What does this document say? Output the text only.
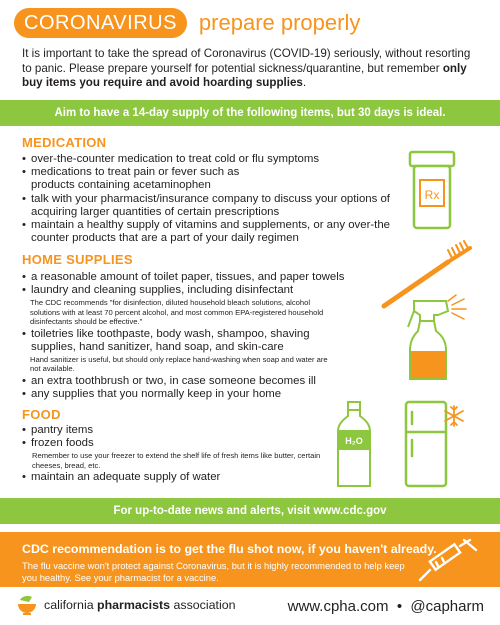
CORONAVIRUS	prepare properly
It is important to take the spread of Coronavirus (COVID-19) seriously, without resorting to panic. Please prepare yourself for potential sickness/quarantine, but remember only buy items you require and avoid hoarding supplies.
Aim to have a 14-day supply of the following items, but 30 days is ideal.
MEDICATION
• over-the-counter medication to treat cold or flu symptoms
• medications to treat pain or fever such as products containing acetaminophen
• talk with your pharmacist/insurance company to discuss your options of acquiring larger quantities of certain prescriptions
• maintain a healthy supply of vitamins and supplements, or any over-the counter products that are a part of your daily regimen
Rx
HOME SUPPLIES
• a reasonable amount of toilet paper, tissues, and paper towels
• laundry and cleaning supplies, including disinfectant
The CDC recommends "for disinfection, diluted household bleach solutions, alcohol solutions with at least 70 percent alcohol, and most common EPA-registered household disinfectants should be effective."
• toiletries like toothpaste, body wash, shampoo, shaving supplies, hand sanitizer, hand soap, and skin-care
Hand sanitizer is useful, but should only replace hand-washing when soap and water are not available.
• an extra toothbrush or two, in case someone becomes ill
• any supplies that you normally keep in your home
FOOD
• pantry items
• frozen foods
Remember to use your freezer to extend the shelf life of fresh items like butter, certain cheeses, bread, etc.
• maintain an adequate supply of water
H₂O
For up-to-date news and alerts, visit www.cdc.gov
CDC recommendation is to get the flu shot now, if you haven't already.
The flu vaccine won't protect against Coronavirus, but it is highly recommended to help keep you healthy. See your pharmacist for a vaccine.
california pharmacists association	www.cpha.com  •  @capharm
